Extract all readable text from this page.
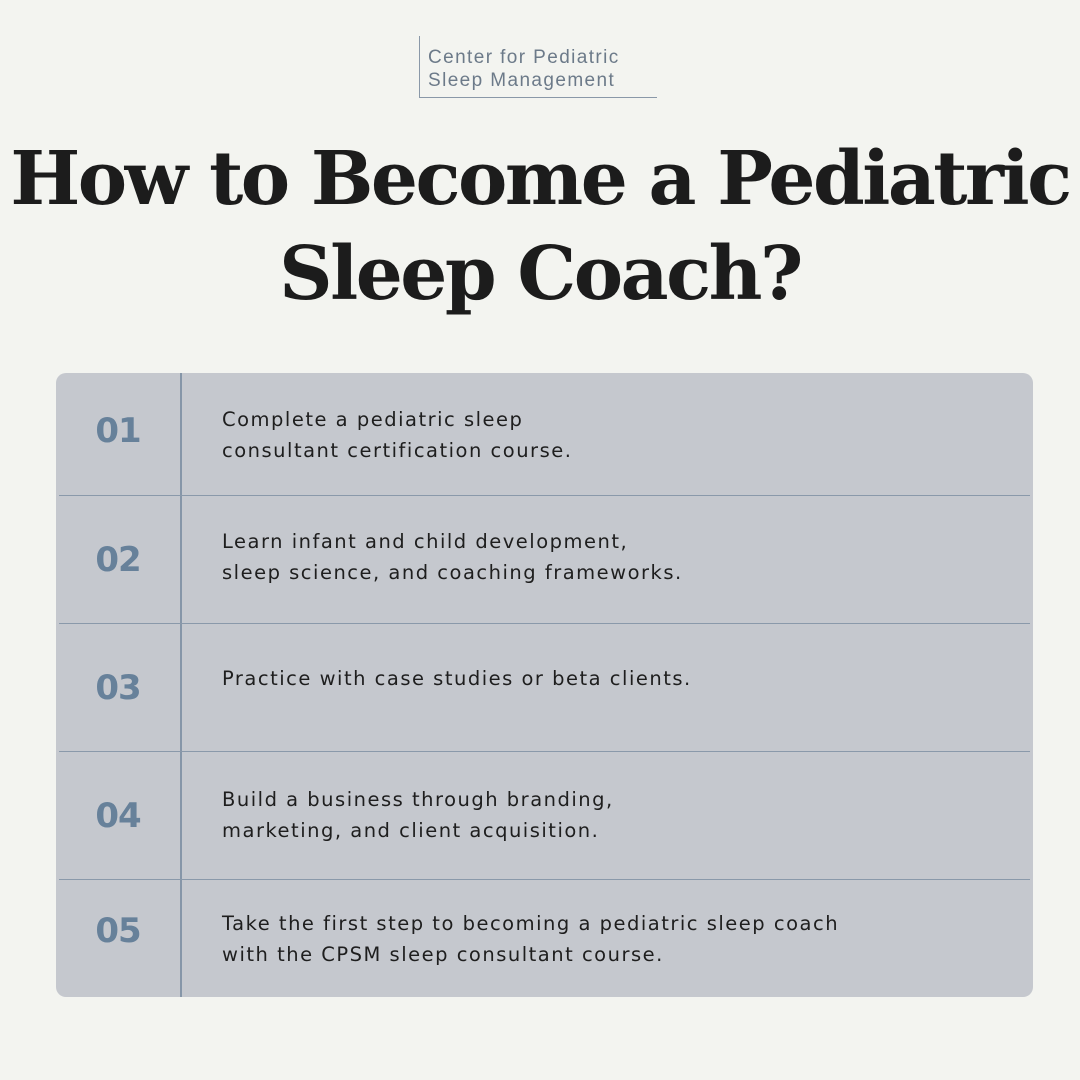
Center for Pediatric
Sleep Management
How to Become a Pediatric
Sleep Coach?
01	Complete a pediatric sleep
consultant certification course.
02	Learn infant and child development,
sleep science, and coaching frameworks.
03	Practice with case studies or beta clients.
04	Build a business through branding,
marketing, and client acquisition.
05	Take the first step to becoming a pediatric sleep coach
with the CPSM sleep consultant course.
